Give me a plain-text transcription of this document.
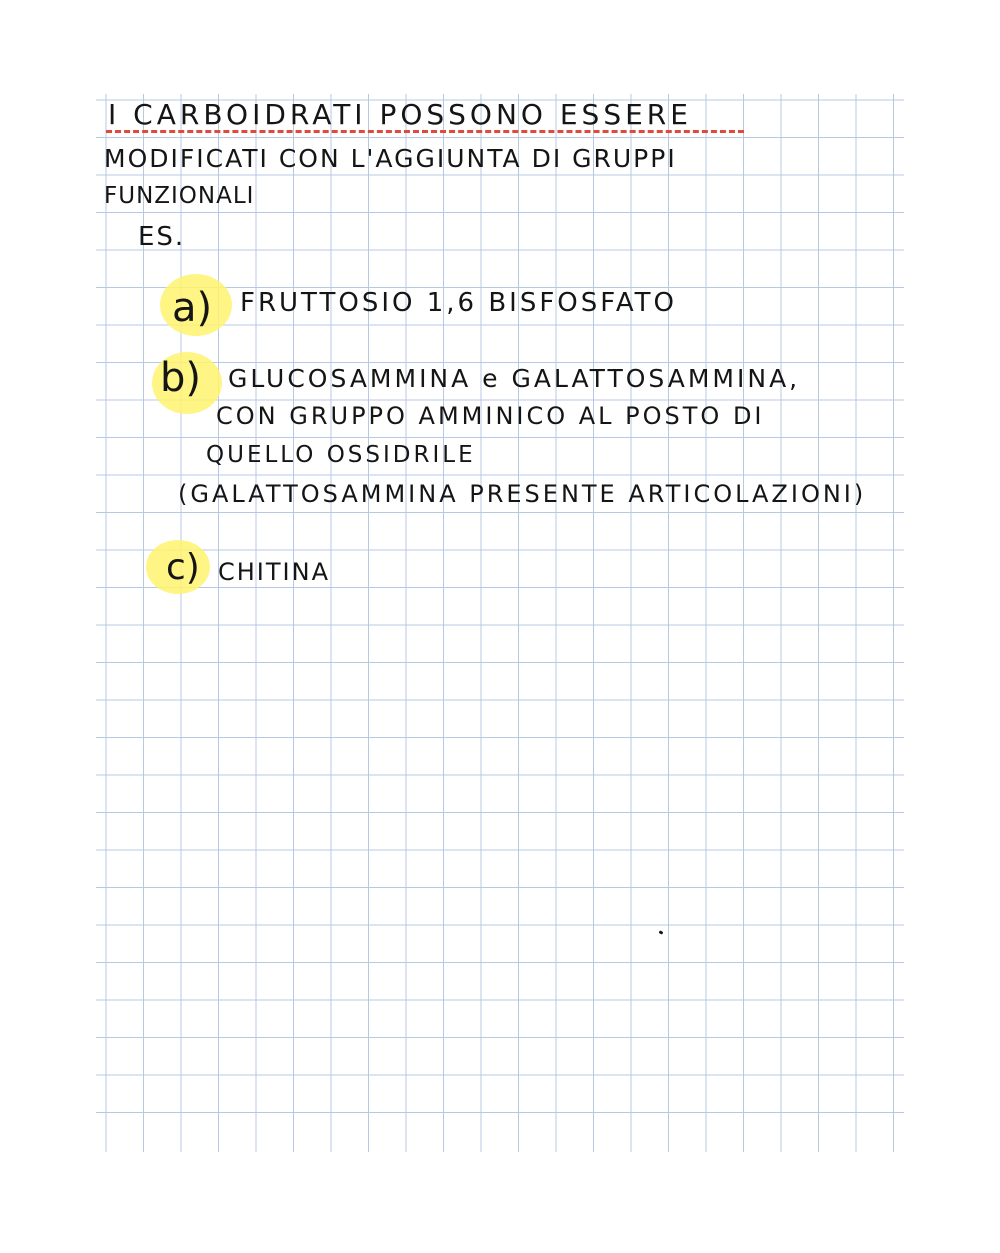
I CARBOIDRATI POSSONO ESSERE
MODIFICATI CON L'AGGIUNTA DI GRUPPI
FUNZIONALI
ES.
a) FRUTTOSIO 1,6 BISFOSFATO
b) GLUCOSAMMINA e GALATTOSAMMINA,
CON GRUPPO AMMINICO AL POSTO DI
QUELLO OSSIDRILE
(GALATTOSAMMINA PRESENTE ARTICOLAZIONI)
c) CHITINA
